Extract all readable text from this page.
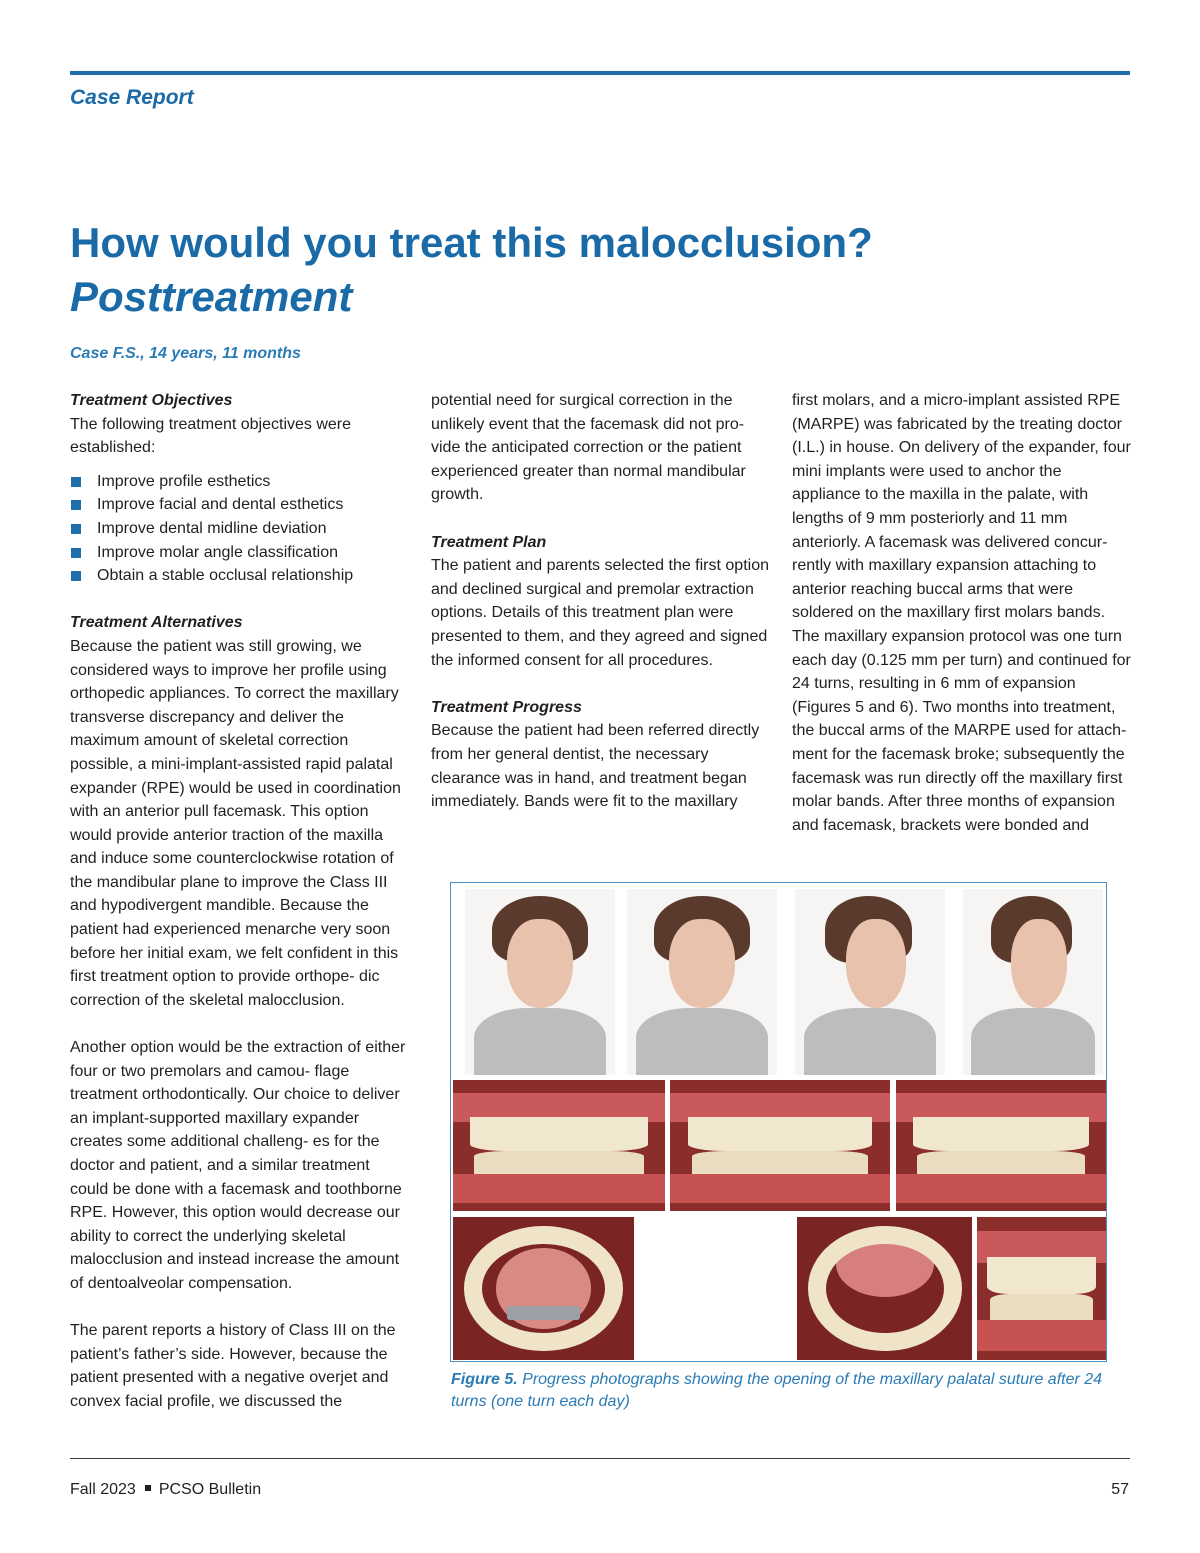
Case Report
How would you treat this malocclusion?
Posttreatment
Case F.S., 14 years, 11 months
Treatment Objectives

The following treatment objectives were established:

Improve profile esthetics
Improve facial and dental esthetics
Improve dental midline deviation
Improve molar angle classification
Obtain a stable occlusal relationship
Treatment Alternatives

Because the patient was still growing, we considered ways to improve her profile using orthopedic appliances. To correct the maxillary transverse discrepancy and deliver the maximum amount of skeletal correction possible, a mini-implant-assisted rapid palatal expander (RPE) would be used in coordination with an anterior pull facemask. This option would provide anterior traction of the maxilla and induce some counterclockwise rotation of the mandibular plane to improve the Class III and hypodivergent mandible. Because the patient had experienced menarche very soon before her initial exam, we felt confident in this first treatment option to provide orthope- dic correction of the skeletal malocclusion.

Another option would be the extraction of either four or two premolars and camou- flage treatment orthodontically. Our choice to deliver an implant-supported maxillary expander creates some additional challeng- es for the doctor and patient, and a similar treatment could be done with a facemask and toothborne RPE. However, this option would decrease our ability to correct the underlying skeletal malocclusion and instead increase the amount of dentoalveolar compensation.

The parent reports a history of Class III on the patient’s father’s side. However, because the patient presented with a negative overjet and convex facial profile, we discussed the

potential need for surgical correction in the unlikely event that the facemask did not pro- vide the anticipated correction or the patient experienced greater than normal mandibular growth.

Treatment Plan

The patient and parents selected the first option and declined surgical and premolar extraction options. Details of this treatment plan were presented to them, and they agreed and signed the informed consent for all procedures.

Treatment Progress

Because the patient had been referred directly from her general dentist, the necessary clearance was in hand, and treatment began immediately. Bands were fit to the maxillary

first molars, and a micro-implant assisted RPE (MARPE) was fabricated by the treating doctor (I.L.) in house. On delivery of the expander, four mini implants were used to anchor the appliance to the maxilla in the palate, with lengths of 9 mm posteriorly and 11 mm anteriorly. A facemask was delivered concur- rently with maxillary expansion attaching to anterior reaching buccal arms that were soldered on the maxillary first molars bands. The maxillary expansion protocol was one turn each day (0.125 mm per turn) and continued for 24 turns, resulting in 6 mm of expansion (Figures 5 and 6). Two months into treatment, the buccal arms of the MARPE used for attach- ment for the facemask broke; subsequently the facemask was run directly off the maxillary first molar bands. After three months of expansion and facemask, brackets were bonded and

Figure 5. Progress photographs showing the opening of the maxillary palatal suture after 24 turns (one turn each day)
Fall 2023 PCSO Bulletin	57
